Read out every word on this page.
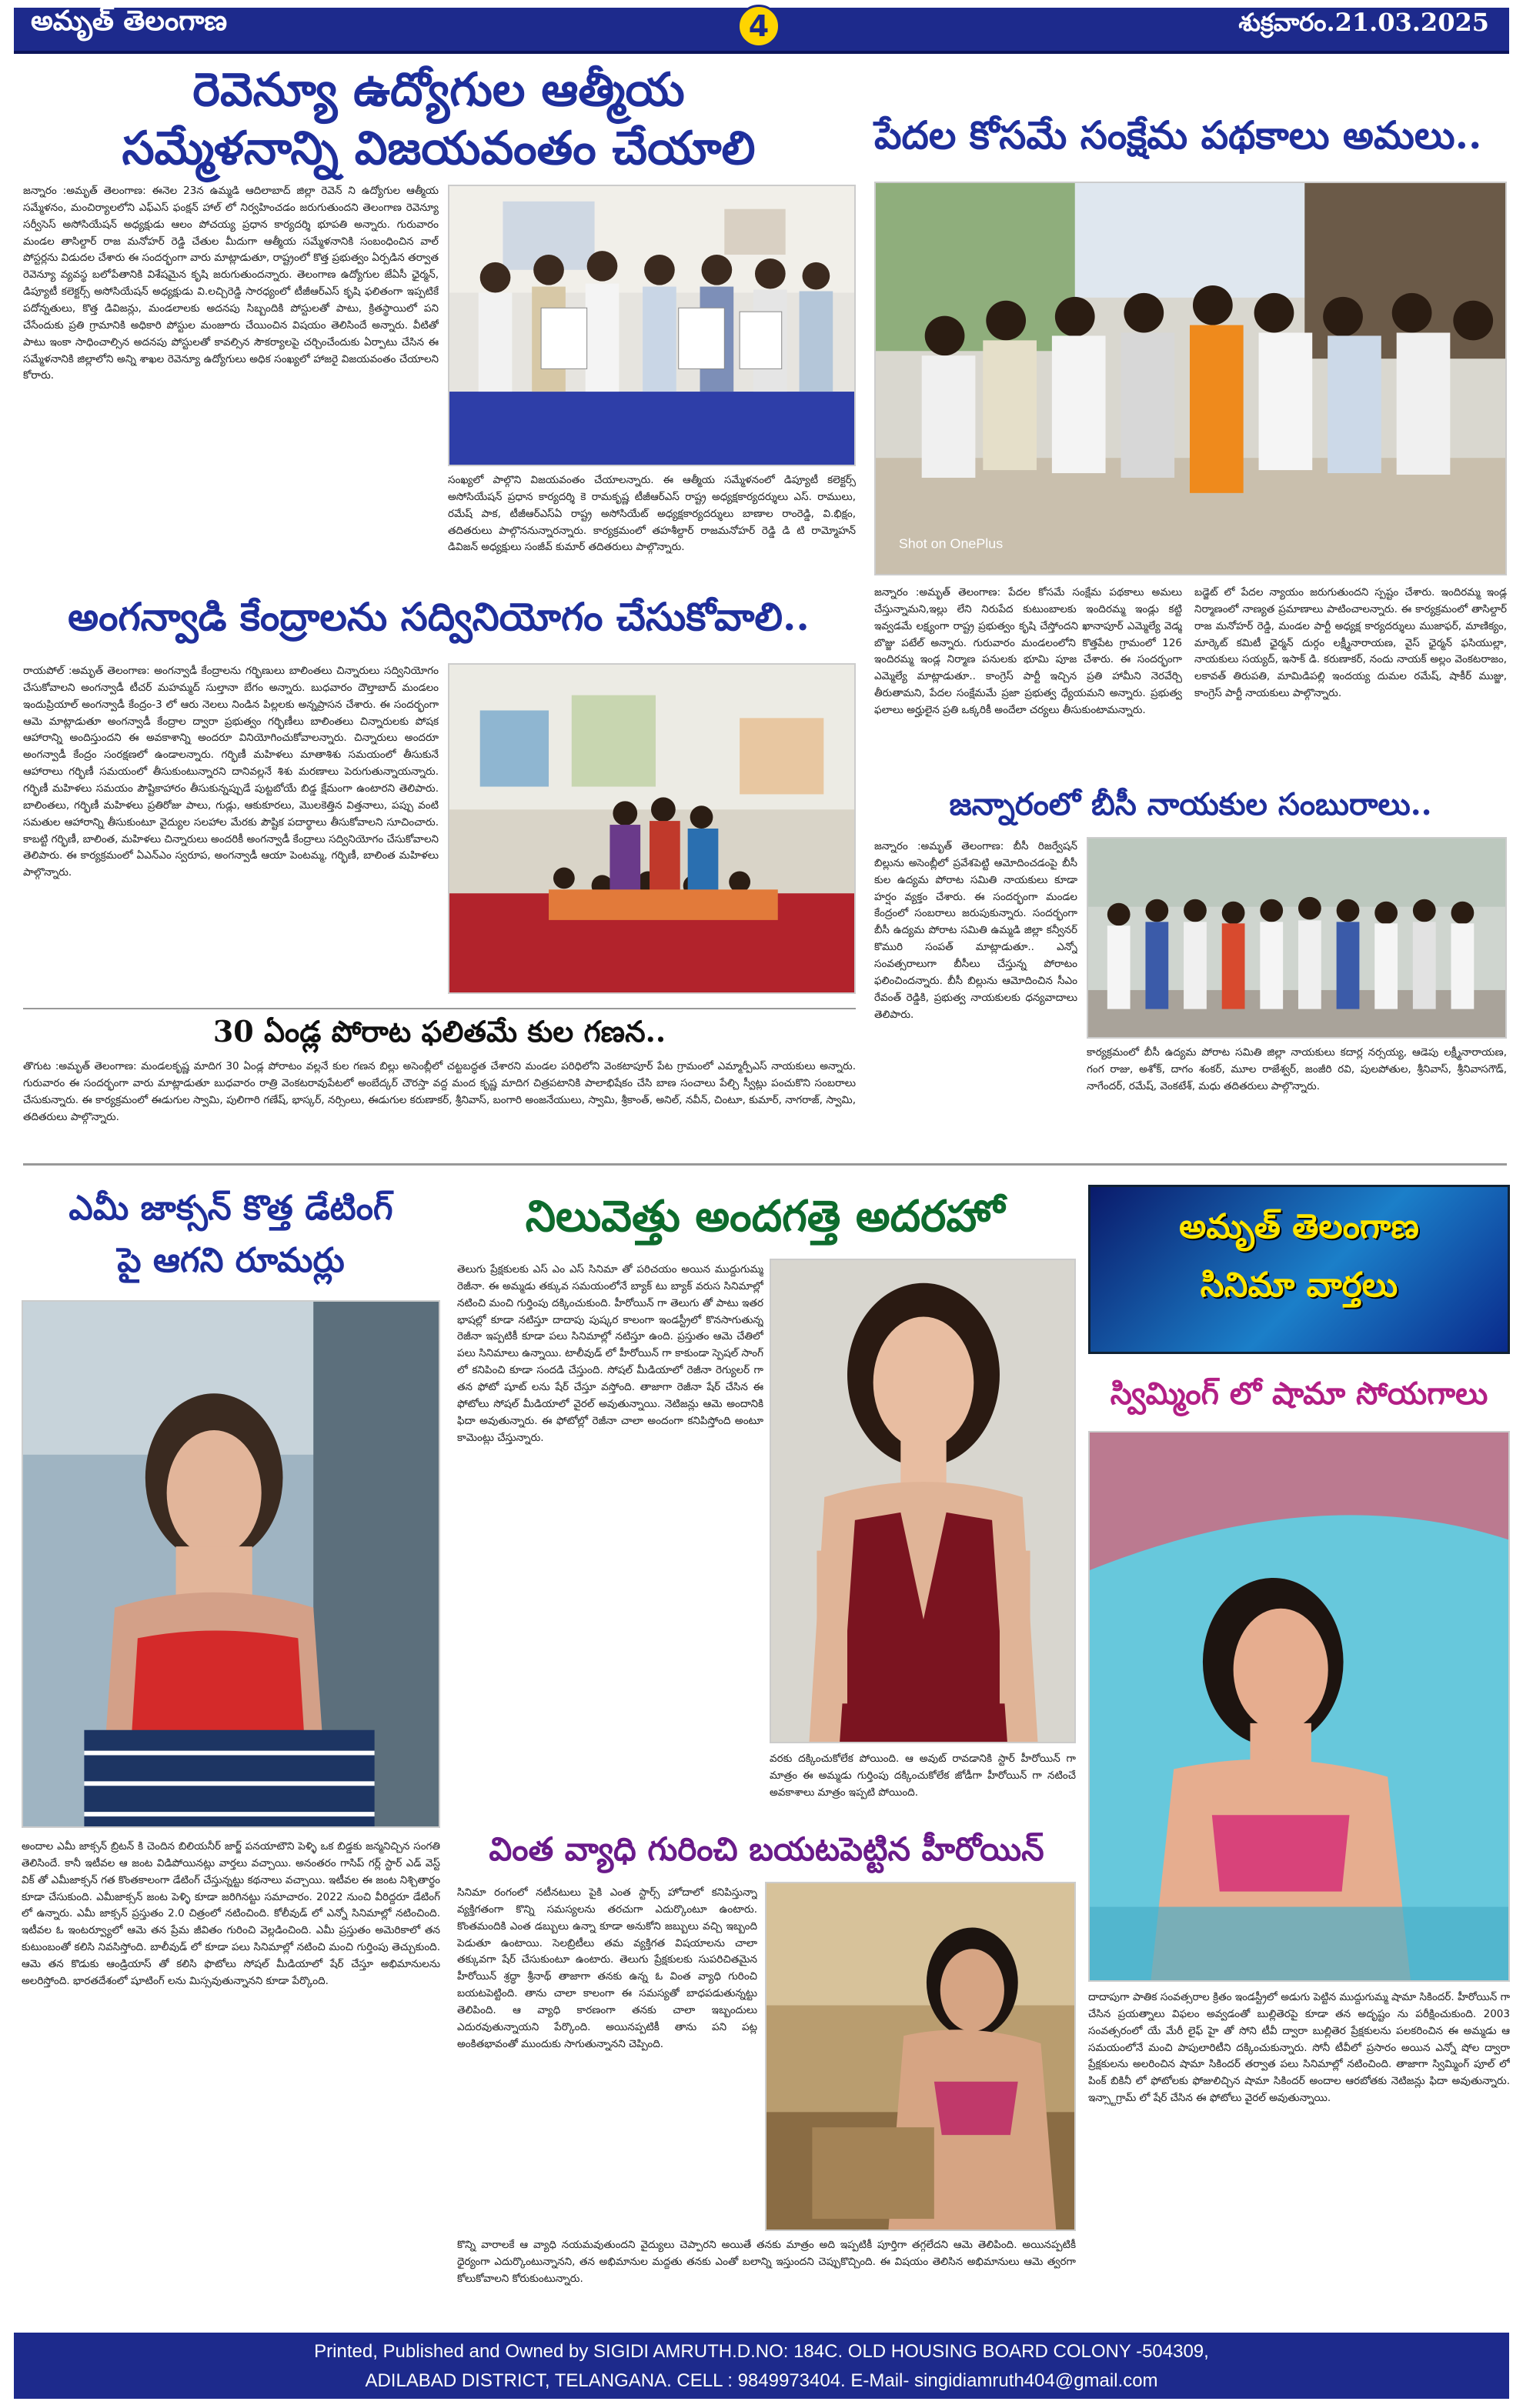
అమృత్ తెలంగాణ	4	శుక్రవారం.21.03.2025
రెవెన్యూ ఉద్యోగుల ఆత్మీయ
సమ్మేళనాన్ని విజయవంతం చేయాలి
జన్నారం :అమృత్ తెలంగాణ: ఈనెల 23న ఉమ్మడి ఆదిలాబాద్ జిల్లా రెవెన్ ని ఉద్యోగుల ఆత్మీయ సమ్మేళనం, మంచిర్యాలలోని ఎఫ్ఎస్ ఫంక్షన్ హాల్ లో నిర్వహించడం జరుగుతుందని తెలంగాణ రెవెన్యూ సర్వీసెస్ అసోసియేషన్ అధ్యక్షుడు ఆలం పోచయ్య ప్రధాన కార్యదర్శి భూపతి అన్నారు. గురువారం మండల తాసిల్దార్ రాజ మనోహర్ రెడ్డి చేతుల మీదుగా ఆత్మీయ సమ్మేళనానికి సంబంధించిన వాల్ పోస్టర్లను విడుదల చేశారు ఈ సందర్భంగా వారు మాట్లాడుతూ, రాష్ట్రంలో కొత్త ప్రభుత్వం ఏర్పడిన తర్వాత రెవెన్యూ వ్యవస్థ బలోపేతానికి విశేషమైన కృషి జరుగుతుందన్నారు. తెలంగాణ ఉద్యోగుల జేఏసీ ఛైర్మన్, డిప్యూటీ కలెక్టర్స్ అసోసియేషన్ అధ్యక్షుడు వి.లచ్చిరెడ్డి సారధ్యంలో టీజీఆర్ఎస్ కృషి ఫలితంగా ఇప్పటికే పదోన్నతులు, కొత్త డివిజన్లు, మండలాలకు అదనపు సిబ్బందికి పోస్టులతో పాటు, క్రితస్థాయిలో పని చేసేందుకు ప్రతి గ్రామానికి అధికారి పోస్టుల మంజూరు చేయించిన విషయం తెలిసిందే అన్నారు. వీటితో పాటు ఇంకా సాధించాల్సిన అదనపు పోస్టులతో కావల్సిన సౌకర్యాలపై చర్చించేందుకు ఏర్పాటు చేసిన ఈ సమ్మేళనానికి జిల్లాలోని అన్ని శాఖల రెవెన్యూ ఉద్యోగులు అధిక సంఖ్యలో హాజరై విజయవంతం చేయాలని కోరారు.
సంఖ్యలో పాల్గొని విజయవంతం చేయాలన్నారు. ఈ ఆత్మీయ సమ్మేళనంలో డిప్యూటీ కలెక్టర్స్ అసోసియేషన్ ప్రధాన కార్యదర్శి కె రామకృష్ణ టీజీఆర్ఎస్ రాష్ట్ర అధ్యక్షకార్యదర్శులు ఎస్. రాములు, రమేష్ పాక, టీజీఆర్ఎస్ఏ రాష్ట్ర అసోసియేట్ అధ్యక్షకార్యదర్శులు బాణాల రాంరెడ్డి, వి.భిక్షం, తదితరులు పాల్గొననున్నారన్నారు. కార్యక్రమంలో తహశీల్దార్ రాజమనోహర్ రెడ్డి డి టి రామ్మోహన్ డివిజన్ అధ్యక్షులు సంజీవ్ కుమార్ తదితరులు పాల్గొన్నారు.
అంగన్వాడి కేంద్రాలను సద్వినియోగం చేసుకోవాలి..
రాయపోల్ :అమృత్ తెలంగాణ: అంగన్వాడీ కేంద్రాలను గర్భిణులు బాలింతలు చిన్నారులు సద్వినియోగం చేసుకోవాలని అంగన్వాడీ టీచర్ మహమ్మద్ సుల్తానా బేగం అన్నారు. బుధవారం దౌల్తాబాద్ మండలం ఇందుప్రియాల్ అంగన్వాడీ కేంద్రం-3 లో ఆరు నెలలు నిండిన పిల్లలకు అన్నప్రాసన చేశారు. ఈ సందర్భంగా ఆమె మాట్లాడుతూ అంగన్వాడీ కేంద్రాల ద్వారా ప్రభుత్వం గర్భిణీలు బాలింతలు చిన్నారులకు పోషక ఆహారాన్ని అందిస్తుందని ఈ అవకాశాన్ని అందరూ వినియోగించుకోవాలన్నారు. చిన్నారులు అందరూ అంగన్వాడీ కేంద్రం సంరక్షణలో ఉండాలన్నారు. గర్భిణీ మహిళలు మాతాశిశు సమయంలో తీసుకునే ఆహారాలు గర్భిణీ సమయంలో తీసుకుంటున్నారని దానివల్లనే శిశు మరణాలు పెరుగుతున్నాయన్నారు. గర్భిణీ మహిళలు సమయం పౌష్టికాహారం తీసుకున్నప్పుడే పుట్టబోయే బిడ్డ క్షేమంగా ఉంటారని తెలిపారు. బాలింతలు, గర్భిణీ మహిళలు ప్రతిరోజు పాలు, గుడ్లు, ఆకుకూరలు, మొలకెత్తిన విత్తనాలు, పప్పు వంటి సమతుల ఆహారాన్ని తీసుకుంటూ వైద్యుల సలహాల మేరకు పౌష్టిక పదార్థాలు తీసుకోవాలని సూచించారు. కాబట్టి గర్భిణీ, బాలింత, మహిళలు చిన్నారులు అందరికీ అంగన్వాడీ కేంద్రాలు సద్వినియోగం చేసుకోవాలని తెలిపారు. ఈ కార్యక్రమంలో ఏఎన్ఎం స్వరూప, అంగన్వాడీ ఆయా పెంటమ్మ, గర్భిణీ, బాలింత మహిళలు పాల్గొన్నారు.
30 ఏండ్ల పోరాట ఫలితమే కుల గణన..
తొగుట :అమృత్ తెలంగాణ: మండలకృష్ణ మాదిగ 30 ఏండ్ల పోరాటం వల్లనే కుల గణన బిల్లు అసెంబ్లీలో చట్టబద్ధత చేశారని మండల పరిధిలోని వెంకటాపూర్ పేట గ్రామంలో ఎమ్మార్పీఎస్ నాయకులు అన్నారు. గురువారం ఈ సందర్భంగా వారు మాట్లాడుతూ బుధవారం రాత్రి వెంకటరావుపేటలో అంబేద్కర్ చౌరస్తా వద్ద మంద కృష్ణ మాదిగ చిత్రపటానికి పాలాభిషేకం చేసి బాణ సంచాలు పేల్చి స్వీట్లు పంచుకొని సంబరాలు చేసుకున్నారు. ఈ కార్యక్రమంలో ఈడుగుల స్వామి, పులిగారి గణేష్, భాస్కర్, నర్సింలు, ఈడుగుల కరుణాకర్, శ్రీనివాస్, బంగారి అంజనేయులు, స్వామి, శ్రీకాంత్, అనిల్, నవీన్, చింటూ, కుమార్, నాగరాజ్, స్వామి, తదితరులు పాల్గొన్నారు.
పేదల కోసమే సంక్షేమ పథకాలు అమలు..
Shot on OnePlus
జన్నారం :అమృత్ తెలంగాణ: పేదల కోసమే సంక్షేమ పథకాలు అమలు చేస్తున్నామని,ఇల్లు లేని నిరుపేద కుటుంబాలకు ఇందిరమ్మ ఇండ్లు కట్టి ఇవ్వడమే లక్ష్యంగా రాష్ట్ర ప్రభుత్వం కృషి చేస్తోందని ఖానాపూర్ ఎమ్మెల్యే వెడ్మ బొజ్జు పటేల్ అన్నారు. గురువారం మండలంలోని కొత్తపేట గ్రామంలో 126 ఇందిరమ్మ ఇండ్ల నిర్మాణ పనులకు భూమి పూజ చేశారు. ఈ సందర్భంగా ఎమ్మెల్యే మాట్లాడుతూ.. కాంగ్రెస్ పార్టీ ఇచ్చిన ప్రతి హామీని నెరవేర్చి తీరుతామని, పేదల సంక్షేమమే ప్రజా ప్రభుత్వ ధ్యేయమని అన్నారు. ప్రభుత్వ ఫలాలు అర్హులైన ప్రతి ఒక్కరికీ అందేలా చర్యలు తీసుకుంటామన్నారు.
బడ్జెట్ లో పేదల న్యాయం జరుగుతుందని స్పష్టం చేశారు. ఇందిరమ్మ ఇండ్ల నిర్మాణంలో నాణ్యత ప్రమాణాలు పాటించాలన్నారు. ఈ కార్యక్రమంలో తాసిల్దార్ రాజ మనోహర్ రెడ్డి, మండల పార్టీ అధ్యక్ష కార్యదర్శులు ముజాఫర్, మాణిక్యం, మార్కెట్ కమిటీ ఛైర్మన్ దుర్గం లక్ష్మీనారాయణ, వైస్ ఛైర్మన్ ఫసియుల్లా, నాయకులు సయ్యద్, ఇసాక్ డి. కరుణాకర్, నందు నాయక్ అల్లం వెంకటరాజం, లకావత్ తిరుపతి, మామిడిపల్లి ఇందయ్య దుమల రమేష్, షాకీర్ ముజ్జు, కాంగ్రెస్ పార్టీ నాయకులు పాల్గొన్నారు.
జన్నారంలో బీసీ నాయకుల సంబురాలు..
జన్నారం :అమృత్ తెలంగాణ: బీసీ రిజర్వేషన్ బిల్లును అసెంబ్లీలో ప్రవేశపెట్టి ఆమోదించడంపై బీసీ కుల ఉద్యమ పోరాట సమితి నాయకులు కూడా హర్షం వ్యక్తం చేశారు. ఈ సందర్భంగా మండల కేంద్రంలో సంబరాలు జరుపుకున్నారు. సందర్భంగా బీసీ ఉద్యమ పోరాట సమితి ఉమ్మడి జిల్లా కన్వీనర్ కొమురి సంపత్ మాట్లాడుతూ.. ఎన్నో సంవత్సరాలుగా బీసీలు చేస్తున్న పోరాటం ఫలించిందన్నారు. బీసీ బిల్లును ఆమోదించిన సీఎం రేవంత్ రెడ్డికి, ప్రభుత్వ నాయకులకు ధన్యవాదాలు తెలిపారు.
కార్యక్రమంలో బీసీ ఉద్యమ పోరాట సమితి జిల్లా నాయకులు కదార్ల నర్సయ్య, ఆడెపు లక్ష్మీనారాయణ, గంగ రాజు, అశోక్, దాగం శంకర్, మూల రాజేశ్వర్, జంజీరి రవి, పులపోతుల, శ్రీనివాస్, శ్రీనివాసగౌడ్, నాగేందర్, రమేష్, వెంకటేశ్, మధు తదితరులు పాల్గొన్నారు.
ఎమీ జాక్సన్ కొత్త డేటింగ్
పై ఆగని రూమర్లు
అందాల ఎమీ జాక్సన్ బ్రిటన్ కి చెందిన బిలియనీర్ జార్జ్ పనయాటౌని పెళ్ళి ఒక బిడ్డకు జన్మనిచ్చిన సంగతి తెలిసిందే. కానీ ఇటీవల ఆ జంట విడిపోయినట్లు వార్తలు వచ్చాయి. అనంతరం గాసిప్ గర్ల్ స్టార్ ఎడ్ వెస్ట్ విక్ తో ఎమీజాక్సన్ గత కొంతకాలంగా డేటింగ్ చేస్తున్నట్టు కథనాలు వచ్చాయి. ఇటీవల ఈ జంట నిశ్చితార్థం కూడా చేసుకుంది. ఎమీజాక్సన్ జంట పెళ్ళి కూడా జరిగినట్టు సమాచారం. 2022 నుంచి వీరిద్దరూ డేటింగ్ లో ఉన్నారు. ఎమీ జాక్సన్ ప్రస్తుతం 2.0 చిత్రంలో నటించింది. కోలీవుడ్ లో ఎన్నో సినిమాల్లో నటించింది. ఇటీవల ఓ ఇంటర్వ్యూలో ఆమె తన ప్రేమ జీవితం గురించి వెల్లడించింది. ఎమీ ప్రస్తుతం అమెరికాలో తన కుటుంబంతో కలిసి నివసిస్తోంది. బాలీవుడ్ లో కూడా పలు సినిమాల్లో నటించి మంచి గుర్తింపు తెచ్చుకుంది. ఆమె తన కొడుకు ఆండ్రియాస్ తో కలిసి ఫొటోలు సోషల్ మీడియాలో షేర్ చేస్తూ అభిమానులను అలరిస్తోంది. భారతదేశంలో షూటింగ్ లను మిస్సవుతున్నానని కూడా పేర్కొంది.
నిలువెత్తు అందగత్తె అదరహో
తెలుగు ప్రేక్షకులకు ఎస్ ఎం ఎస్ సినిమా తో పరిచయం అయిన ముద్దుగుమ్మ రెజీనా. ఈ అమ్మడు తక్కువ సమయంలోనే బ్యాక్ టు బ్యాక్ వరుస సినిమాల్లో నటించి మంచి గుర్తింపు దక్కించుకుంది. హీరోయిన్ గా తెలుగు తో పాటు ఇతర భాషల్లో కూడా నటిస్తూ దాదాపు పుష్కర కాలంగా ఇండస్ట్రీలో కొనసాగుతున్న రెజీనా ఇప్పటికీ కూడా పలు సినిమాల్లో నటిస్తూ ఉంది. ప్రస్తుతం ఆమె చేతిలో పలు సినిమాలు ఉన్నాయి. టాలీవుడ్ లో హీరోయిన్ గా కాకుండా స్పెషల్ సాంగ్ లో కనిపించి కూడా సందడి చేస్తుంది. సోషల్ మీడియాలో రెజీనా రెగ్యులర్ గా తన ఫోటో షూట్ లను షేర్ చేస్తూ వస్తోంది. తాజాగా రెజీనా షేర్ చేసిన ఈ ఫోటోలు సోషల్ మీడియాలో వైరల్ అవుతున్నాయి. నెటిజన్లు ఆమె అందానికి ఫిదా అవుతున్నారు. ఈ ఫోటోల్లో రెజీనా చాలా అందంగా కనిపిస్తోంది అంటూ కామెంట్లు చేస్తున్నారు.
వరకు దక్కించుకోలేక పోయింది. ఆ అవుట్ రావడానికి స్టార్ హీరోయిన్ గా మాత్రం ఈ అమ్మడు గుర్తింపు దక్కించుకోలేక జోడీగా హీరోయిన్ గా నటించే అవకాశాలు మాత్రం ఇప్పటి పోయింది.
వింత వ్యాధి గురించి బయటపెట్టిన హీరోయిన్
సినిమా రంగంలో నటీనటులు పైకి ఎంత స్టార్స్ హోదాలో కనిపిస్తున్నా వ్యక్తిగతంగా కొన్ని సమస్యలను తరచుగా ఎదుర్కొంటూ ఉంటారు. కొంతమందికి ఎంత డబ్బులు ఉన్నా కూడా అనుకోని జబ్బులు వచ్చి ఇబ్బంది పెడుతూ ఉంటాయి. సెలబ్రిటీలు తమ వ్యక్తిగత విషయాలను చాలా తక్కువగా షేర్ చేసుకుంటూ ఉంటారు. తెలుగు ప్రేక్షకులకు సుపరిచితమైన హీరోయిన్ శ్రద్ధా శ్రీనాథ్ తాజాగా తనకు ఉన్న ఓ వింత వ్యాధి గురించి బయటపెట్టింది. తాను చాలా కాలంగా ఈ సమస్యతో బాధపడుతున్నట్టు తెలిపింది. ఆ వ్యాధి కారణంగా తనకు చాలా ఇబ్బందులు ఎదురవుతున్నాయని పేర్కొంది. అయినప్పటికీ తాను పని పట్ల అంకితభావంతో ముందుకు సాగుతున్నానని చెప్పింది.
కొన్ని వారాలకే ఆ వ్యాధి నయమవుతుందని వైద్యులు చెప్పారని అయితే తనకు మాత్రం అది ఇప్పటికీ పూర్తిగా తగ్గలేదని ఆమె తెలిపింది. అయినప్పటికీ ధైర్యంగా ఎదుర్కొంటున్నానని, తన అభిమానుల మద్దతు తనకు ఎంతో బలాన్ని ఇస్తుందని చెప్పుకొచ్చింది. ఈ విషయం తెలిసిన అభిమానులు ఆమె త్వరగా కోలుకోవాలని కోరుకుంటున్నారు.
అమృత్ తెలంగాణ
సినిమా వార్తలు
స్విమ్మింగ్ లో షామా సోయగాలు
దాదాపుగా పాతిక సంవత్సరాల క్రితం ఇండస్ట్రీలో అడుగు పెట్టిన ముద్దుగుమ్మ షామా సికిందర్. హీరోయిన్ గా చేసిన ప్రయత్నాలు విఫలం అవ్వడంతో బుల్లితెరపై కూడా తన అదృష్టం ను పరీక్షించుకుంది. 2003 సంవత్సరంలో యే మేరీ లైఫ్ హై తో సోని టీవీ ద్వారా బుల్లితెర ప్రేక్షకులను పలకరించిన ఈ అమ్మడు ఆ సమయంలోనే మంచి పాపులారిటీని దక్కించుకున్నారు. సోనీ టీవీలో ప్రసారం అయిన ఎన్నో షోల ద్వారా ప్రేక్షకులను అలరించిన షామా సికిందర్ తర్వాత పలు సినిమాల్లో నటించింది. తాజాగా స్విమ్మింగ్ పూల్ లో పింక్ బికినీ లో ఫోటోలకు ఫోజులిచ్చిన షామా సికిందర్ అందాల ఆరబోతకు నెటిజన్లు ఫిదా అవుతున్నారు. ఇన్స్టాగ్రామ్ లో షేర్ చేసిన ఈ ఫోటోలు వైరల్ అవుతున్నాయి.
Printed, Published and Owned by SIGIDI AMRUTH.D.NO: 184C. OLD HOUSING BOARD COLONY -504309,
ADILABAD DISTRICT, TELANGANA. CELL : 9849973404. E-Mail- singidiamruth404@gmail.com
